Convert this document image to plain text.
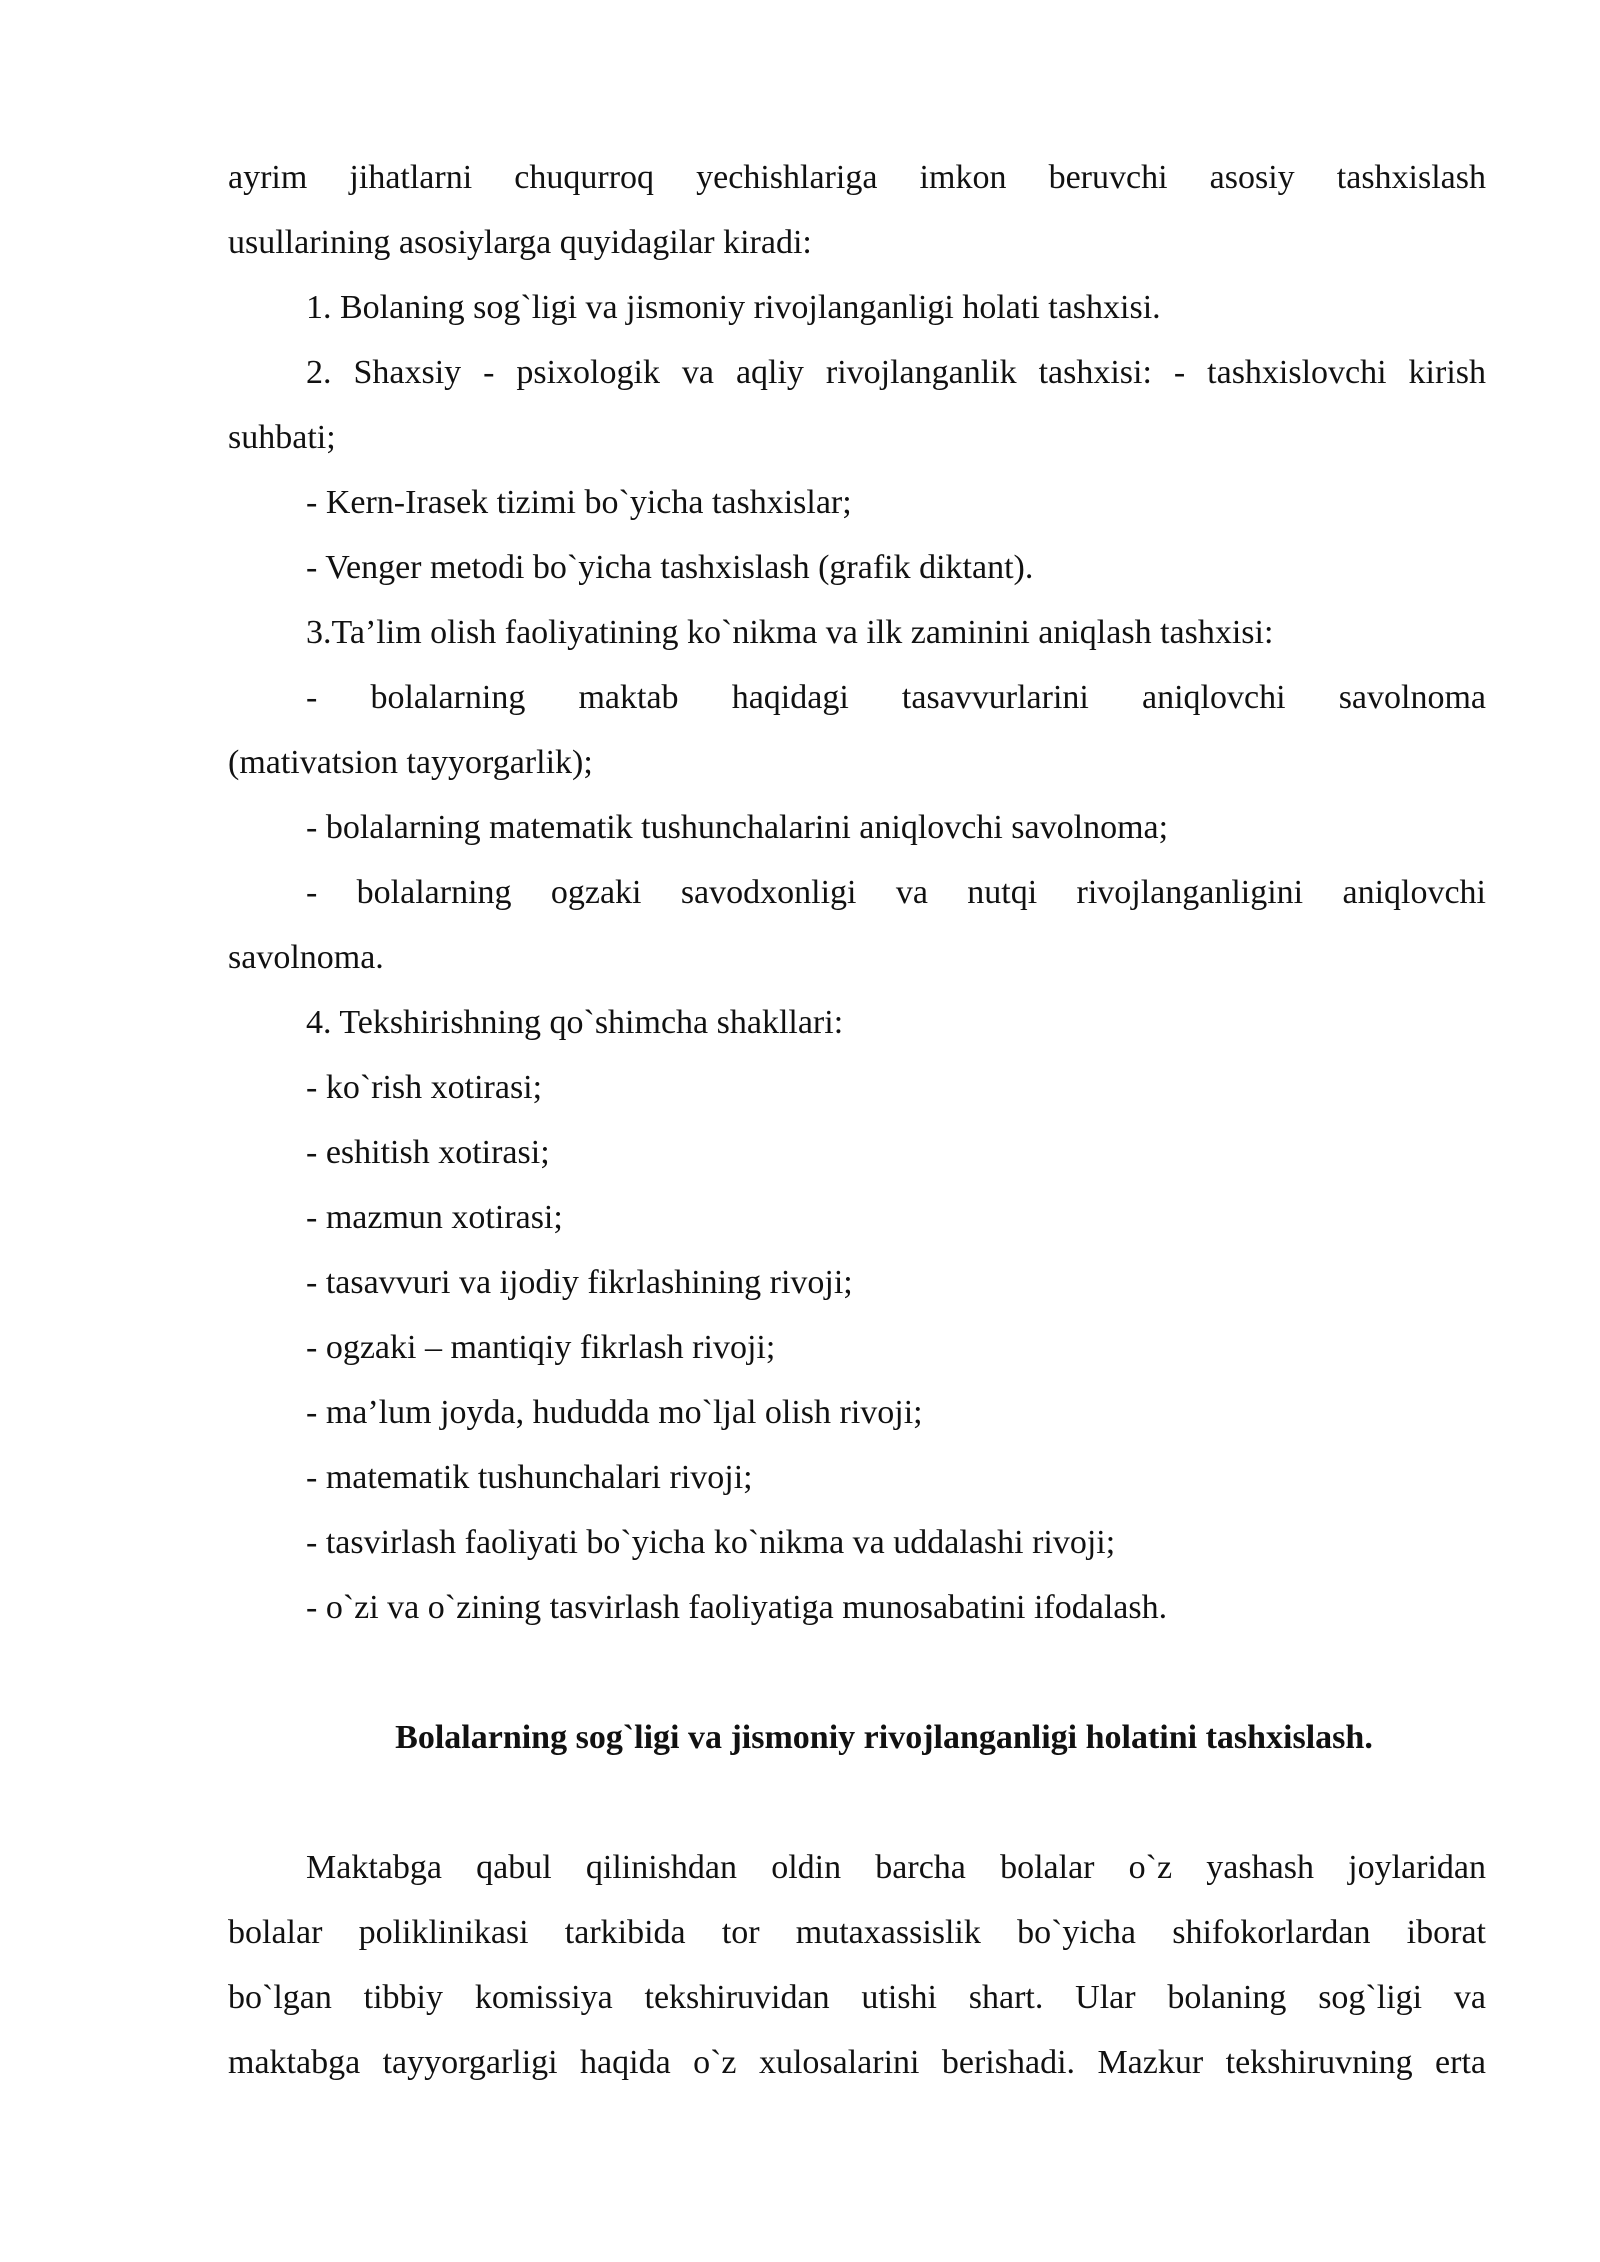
ayrim jihatlarni chuqurroq yechishlariga imkon beruvchi asosiy tashxislash
usullarining asosiylarga quyidagilar kiradi:
1. Bolaning sog`ligi va jismoniy rivojlanganligi holati tashxisi.
2. Shaxsiy - psixologik va aqliy rivojlanganlik tashxisi: - tashxislovchi kirish
suhbati;
- Kern-Irasek tizimi bo`yicha tashxislar;
- Venger metodi bo`yicha tashxislash (grafik diktant).
3.Ta’lim olish faoliyatining ko`nikma va ilk zaminini aniqlash tashxisi:
- bolalarning maktab haqidagi tasavvurlarini aniqlovchi savolnoma
(mativatsion tayyorgarlik);
- bolalarning matematik tushunchalarini aniqlovchi savolnoma;
- bolalarning ogzaki savodxonligi va nutqi rivojlanganligini aniqlovchi
savolnoma.
4. Tekshirishning qo`shimcha shakllari:
- ko`rish xotirasi;
- eshitish xotirasi;
- mazmun xotirasi;
- tasavvuri va ijodiy fikrlashining rivoji;
- ogzaki – mantiqiy fikrlash rivoji;
- ma’lum joyda, hududda mo`ljal olish rivoji;
- matematik tushunchalari rivoji;
- tasvirlash faoliyati bo`yicha ko`nikma va uddalashi rivoji;
- o`zi va o`zining tasvirlash faoliyatiga munosabatini ifodalash.
Bolalarning sog`ligi va jismoniy rivojlanganligi holatini tashxislash.
Maktabga qabul qilinishdan oldin barcha bolalar o`z yashash joylaridan
bolalar poliklinikasi tarkibida tor mutaxassislik bo`yicha shifokorlardan iborat
bo`lgan tibbiy komissiya tekshiruvidan utishi shart. Ular bolaning sog`ligi va
maktabga tayyorgarligi haqida o`z xulosalarini berishadi. Mazkur tekshiruvning erta
